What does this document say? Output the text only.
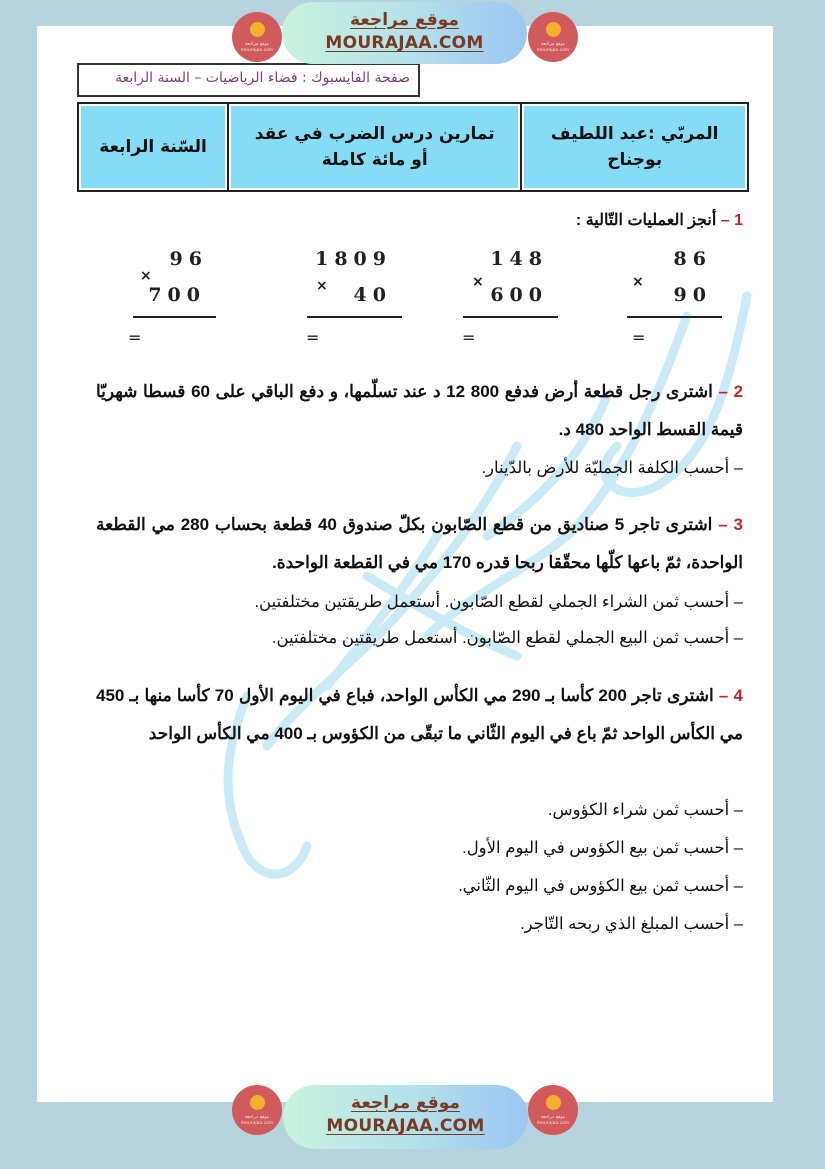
موقع مراجعة
mourajaa.com
موقع مراجعة
MOURAJAA.COM	موقع مراجعة
mourajaa.com
صفحة الفايسبوك : فضاء الرياضيات – السنة الرابعة
المربّي :عبد اللطيف بوجناح
تمارين درس الضرب في عقد
أو مائة كاملة
السّنة الرابعة
1 – أنجز العمليات التّالية :
86
×
90
=
148
×
600
=
1809
× 40
=
96
×
700
=
2 – اشترى رجل قطعة أرض فدفع 800 12 د عند تسلّمها، و دفع الباقي على 60 قسطا شهريّا قيمة القسط الواحد 480 د.
– أحسب الكلفة الجمليّة للأرض بالدّينار.
3 – اشترى تاجر 5 صناديق من قطع الصّابون بكلّ صندوق 40 قطعة بحساب 280 مي القطعة الواحدة، ثمّ باعها كلّها محقّقا ربحا قدره 170 مي في القطعة الواحدة.
– أحسب ثمن الشراء الجملي لقطع الصّابون. أستعمل طريقتين مختلفتين.
– أحسب ثمن البيع الجملي لقطع الصّابون. أستعمل طريقتين مختلفتين.
4 – اشترى تاجر 200 كأسا بـ 290 مي الكأس الواحد، فباع في اليوم الأول 70 كأسا منها بـ 450 مي الكأس الواحد ثمّ باع في اليوم الثّاني ما تبقّى من الكؤوس بـ 400 مي الكأس الواحد
– أحسب ثمن شراء الكؤوس.
– أحسب ثمن بيع الكؤوس في اليوم الأول.
– أحسب ثمن بيع الكؤوس في اليوم الثّاني.
– أحسب المبلغ الذي ربحه التّاجر.
موقع مراجعة
mourajaa.com
موقع مراجعة
MOURAJAA.COM	موقع مراجعة
mourajaa.com
